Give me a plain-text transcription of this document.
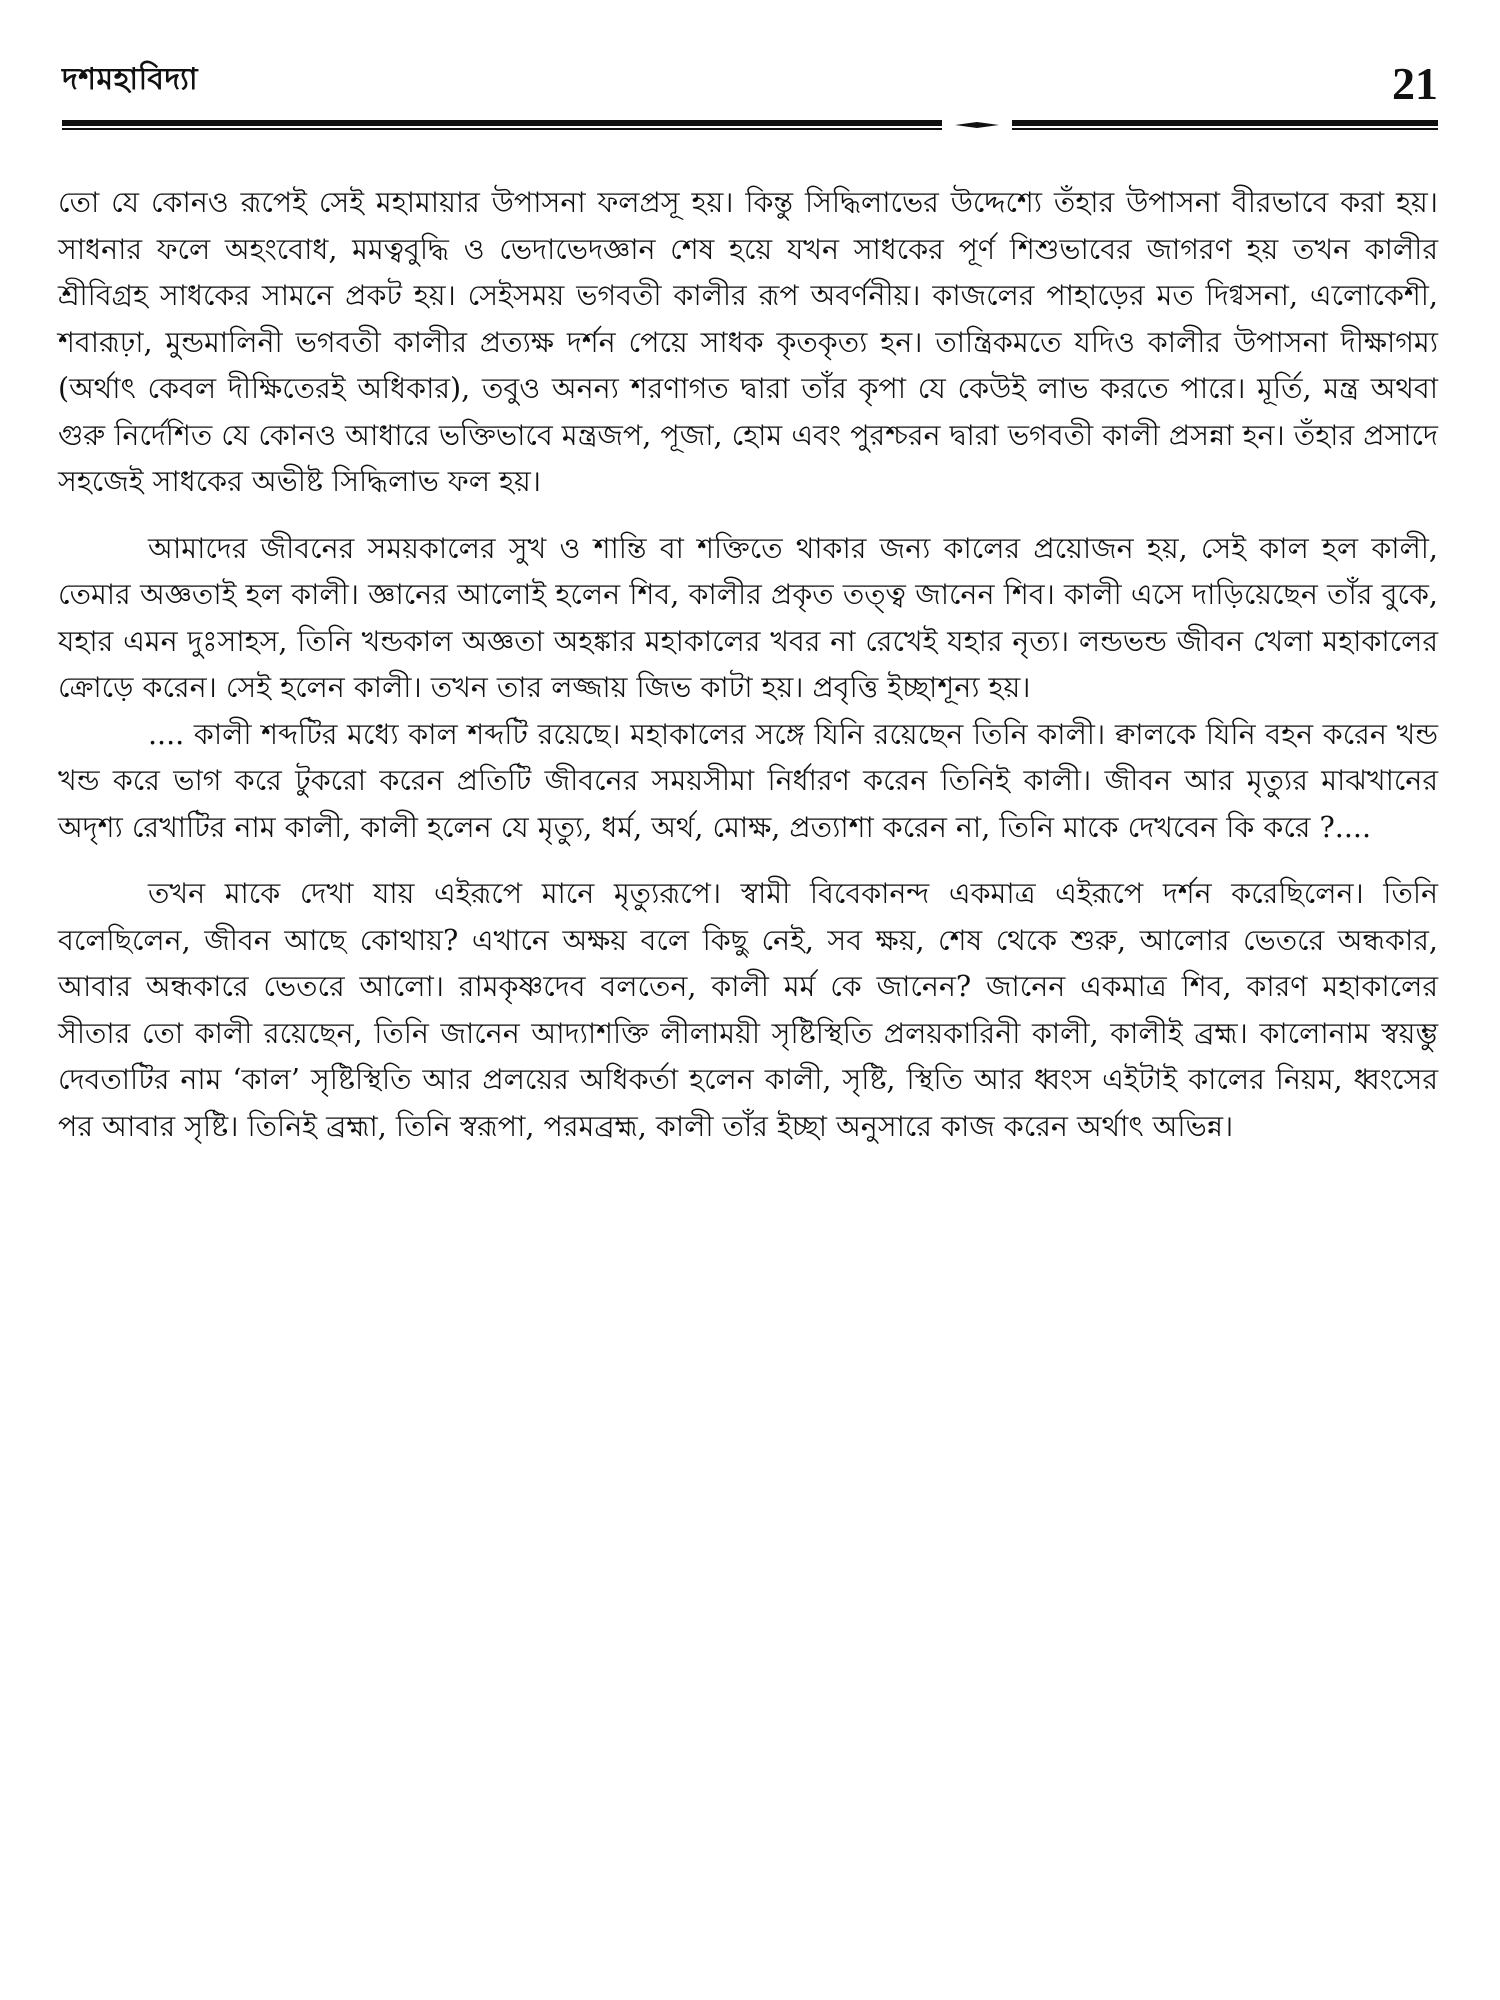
দশমহাবিদ্যা	21

তো যে কোনও রূপেই সেই মহামায়ার উপাসনা ফলপ্রসূ হয়। কিন্তু সিদ্ধিলাভের উদ্দেশ্যে তঁহার উপাসনা বীরভাবে করা হয়। সাধনার ফলে অহংবোধ, মমত্ববুদ্ধি ও ভেদাভেদজ্ঞান শেষ হয়ে যখন সাধকের পূর্ণ শিশুভাবের জাগরণ হয় তখন কালীর শ্রীবিগ্রহ সাধকের সামনে প্রকট হয়। সেইসময় ভগবতী কালীর রূপ অবর্ণনীয়। কাজলের পাহাড়ের মত দিগ্বসনা, এলোকেশী, শবারূঢ়া, মুন্ডমালিনী ভগবতী কালীর প্রত্যক্ষ দর্শন পেয়ে সাধক কৃতকৃত্য হন। তান্ত্রিকমতে যদিও কালীর উপাসনা দীক্ষাগম্য (অর্থাৎ কেবল দীক্ষিতেরই অধিকার), তবুও অনন্য শরণাগত দ্বারা তাঁর কৃপা যে কেউই লাভ করতে পারে। মূর্তি, মন্ত্র অথবা গুরু নির্দেশিত যে কোনও আধারে ভক্তিভাবে মন্ত্রজপ, পূজা, হোম এবং পুরশ্চরন দ্বারা ভগবতী কালী প্রসন্না হন। তঁহার প্রসাদে সহজেই সাধকের অভীষ্ট সিদ্ধিলাভ ফল হয়।

আমাদের জীবনের সময়কালের সুখ ও শান্তি বা শক্তিতে থাকার জন্য কালের প্রয়োজন হয়, সেই কাল হল কালী, তেমার অজ্ঞতাই হল কালী। জ্ঞানের আলোই হলেন শিব, কালীর প্রকৃত তত্ত্ব জানেন শিব। কালী এসে দাড়িয়েছেন তাঁর বুকে, যহার এমন দুঃসাহস, তিনি খন্ডকাল অজ্ঞতা অহঙ্কার মহাকালের খবর না রেখেই যহার নৃত্য। লন্ডভন্ড জীবন খেলা মহাকালের ক্রোড়ে করেন। সেই হলেন কালী। তখন তার লজ্জায় জিভ কাটা হয়। প্রবৃত্তি ইচ্ছাশূন্য হয়।

.... কালী শব্দটির মধ্যে কাল শব্দটি রয়েছে। মহাকালের সঙ্গে যিনি রয়েছেন তিনি কালী। ক্বালকে যিনি বহন করেন খন্ড খন্ড করে ভাগ করে টুকরো করেন প্রতিটি জীবনের সময়সীমা নির্ধারণ করেন তিনিই কালী। জীবন আর মৃত্যুর মাঝখানের অদৃশ্য রেখাটির নাম কালী, কালী হলেন যে মৃত্যু, ধর্ম, অর্থ, মোক্ষ, প্রত্যাশা করেন না, তিনি মাকে দেখবেন কি করে ?....

তখন মাকে দেখা যায় এইরূপে মানে মৃত্যুরূপে। স্বামী বিবেকানন্দ একমাত্র এইরূপে দর্শন করেছিলেন। তিনি বলেছিলেন, জীবন আছে কোথায়? এখানে অক্ষয় বলে কিছু নেই, সব ক্ষয়, শেষ থেকে শুরু, আলোর ভেতরে অন্ধকার, আবার অন্ধকারে ভেতরে আলো। রামকৃষ্ণদেব বলতেন, কালী মর্ম কে জানেন? জানেন একমাত্র শিব, কারণ মহাকালের সীতার তো কালী রয়েছেন, তিনি জানেন আদ্যাশক্তি লীলাময়ী সৃষ্টিস্থিতি প্রলয়কারিনী কালী, কালীই ব্রহ্ম। কালোনাম স্বয়ম্ভু দেবতাটির নাম ‘কাল’ সৃষ্টিস্থিতি আর প্রলয়ের অধিকর্তা হলেন কালী, সৃষ্টি, স্থিতি আর ধ্বংস এইটাই কালের নিয়ম, ধ্বংসের পর আবার সৃষ্টি। তিনিই ব্রহ্মা, তিনি স্বরূপা, পরমব্রহ্ম, কালী তাঁর ইচ্ছা অনুসারে কাজ করেন অর্থাৎ অভিন্ন।
